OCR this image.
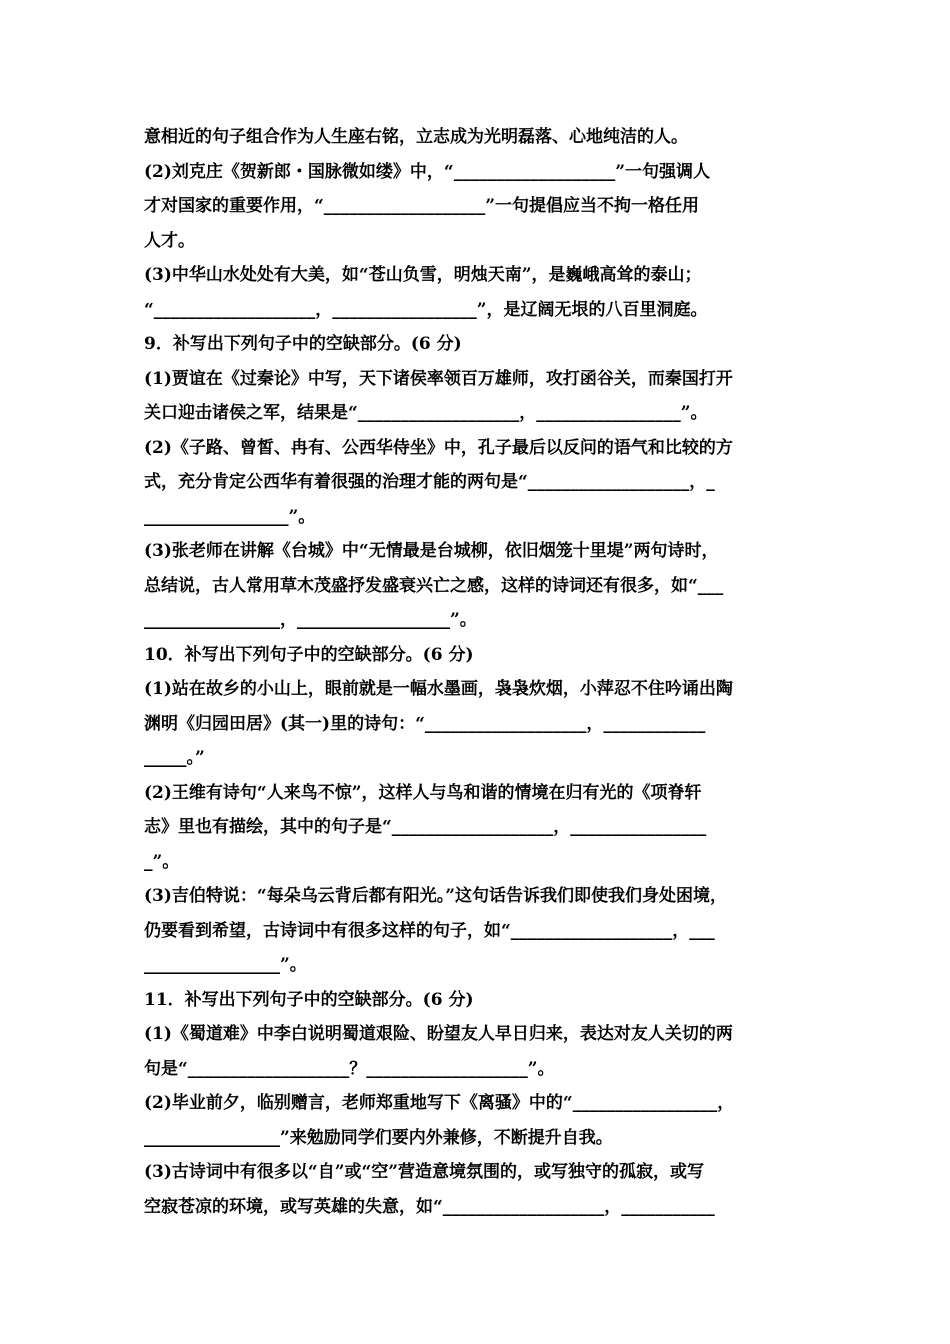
意相近的句子组合作为人生座右铭，立志成为光明磊落、心地纯洁的人。
(2)刘克庄《贺新郎・国脉微如缕》中，“___________________”一句强调人
才对国家的重要作用，“___________________”一句提倡应当不拘一格任用
人才。
(3)中华山水处处有大美，如“苍山负雪，明烛天南”，是巍峨高耸的泰山；
“___________________，_________________”，是辽阔无垠的八百里洞庭。
9．补写出下列句子中的空缺部分。(6 分)
(1)贾谊在《过秦论》中写，天下诸侯率领百万雄师，攻打函谷关，而秦国打开
关口迎击诸侯之军，结果是“___________________，_________________”。
(2)《子路、曾皙、冉有、公西华侍坐》中，孔子最后以反问的语气和比较的方
式，充分肯定公西华有着很强的治理才能的两句是“___________________，_
_________________”。
(3)张老师在讲解《台城》中“无情最是台城柳，依旧烟笼十里堤”两句诗时，
总结说，古人常用草木茂盛抒发盛衰兴亡之感，这样的诗词还有很多，如“___
________________，__________________”。
10．补写出下列句子中的空缺部分。(6 分)
(1)站在故乡的小山上，眼前就是一幅水墨画，袅袅炊烟，小萍忍不住吟诵出陶
渊明《归园田居》(其一)里的诗句：“___________________，____________
_____。”
(2)王维有诗句“人来鸟不惊”，这样人与鸟和谐的情境在归有光的《项脊轩
志》里也有描绘，其中的句子是“___________________，________________
_”。
(3)吉伯特说：“每朵乌云背后都有阳光。”这句话告诉我们即使我们身处困境，
仍要看到希望，古诗词中有很多这样的句子，如“___________________，___
________________”。
11．补写出下列句子中的空缺部分。(6 分)
(1)《蜀道难》中李白说明蜀道艰险、盼望友人早日归来，表达对友人关切的两
句是“___________________？___________________”。
(2)毕业前夕，临别赠言，老师郑重地写下《离骚》中的“_________________，
________________”来勉励同学们要内外兼修，不断提升自我。
(3)古诗词中有很多以“自”或“空”营造意境氛围的，或写独守的孤寂，或写
空寂苍凉的环境，或写英雄的失意，如“___________________，___________
